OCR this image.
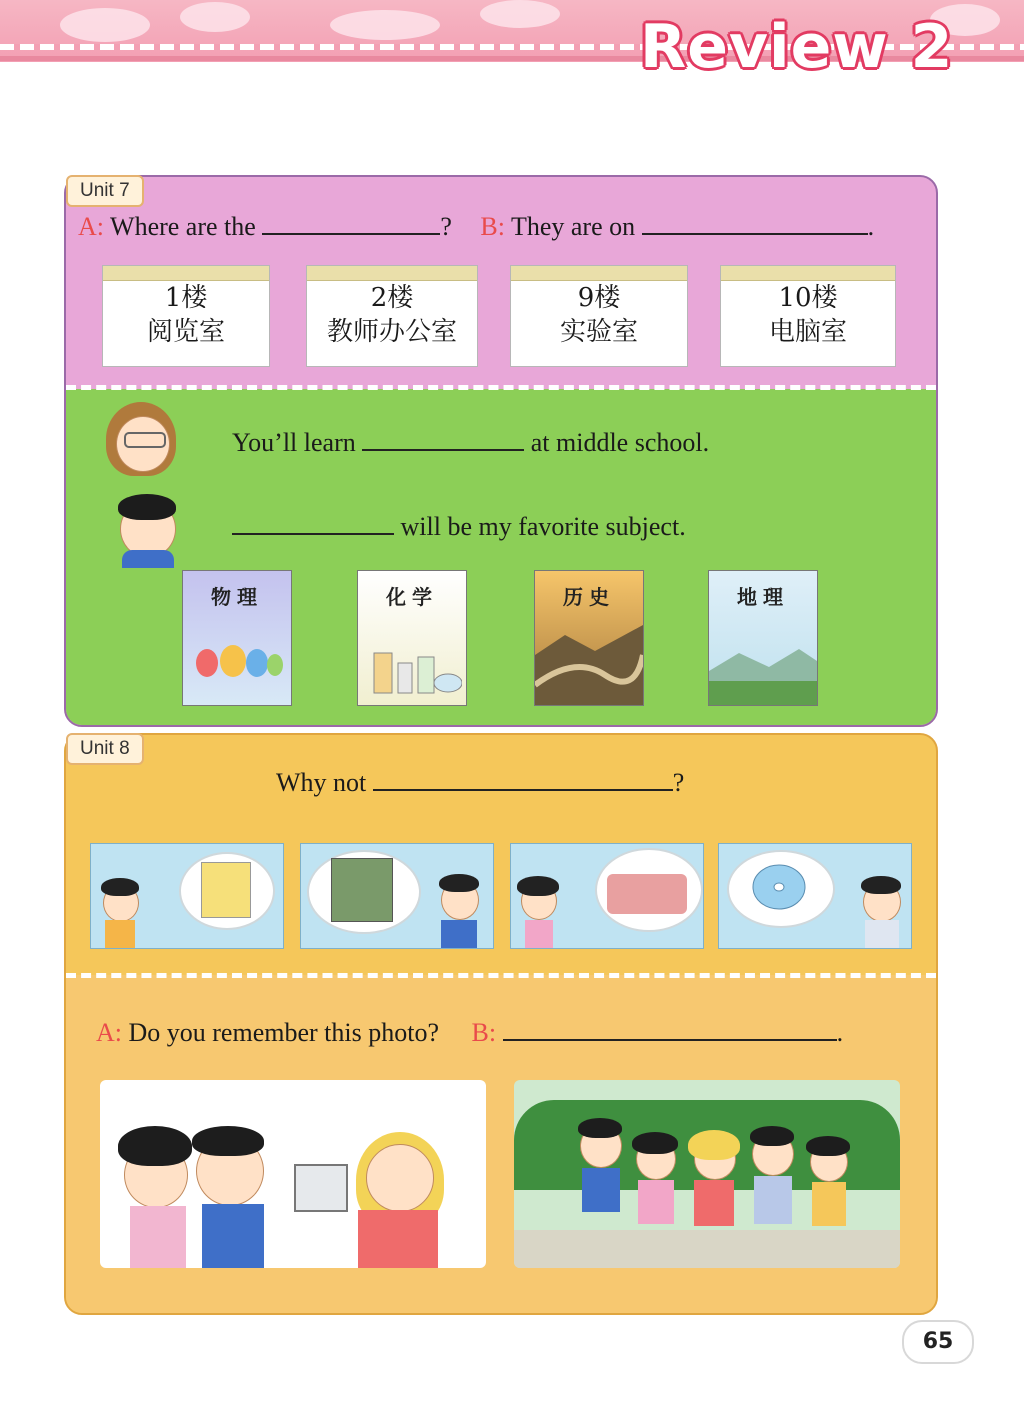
Review 2
Unit 7
A: Where are the	? B: They are on	.
1楼
阅览室
2楼
教师办公室
9楼
实验室
10楼
电脑室
You’ll learn	at middle school.
will be my favorite subject.
物理	化学	历史	地理
Unit 8
Why not	?
A: Do you remember this photo? B:	.
65
